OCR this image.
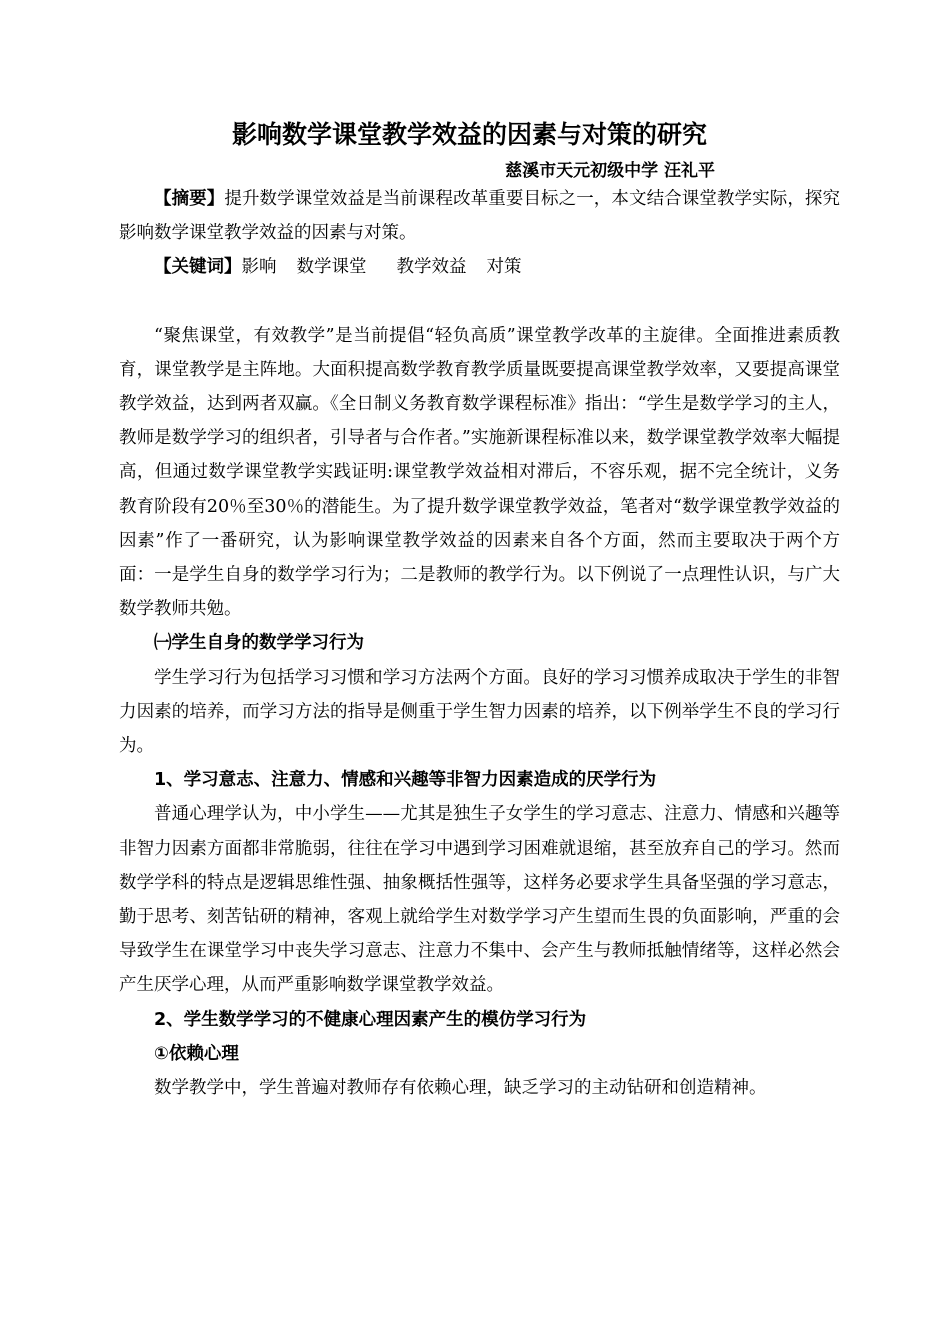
影响数学课堂教学效益的因素与对策的研究
慈溪市天元初级中学 汪礼平

【摘要】提升数学课堂效益是当前课程改革重要目标之一，本文结合课堂教学实际，探究影响数学课堂教学效益的因素与对策。

【关键词】影响 数学课堂 教学效益 对策

“聚焦课堂，有效教学”是当前提倡“轻负高质”课堂教学改革的主旋律。全面推进素质教育，课堂教学是主阵地。大面积提高数学教育教学质量既要提高课堂教学效率，又要提高课堂教学效益，达到两者双赢。《全日制义务教育数学课程标准》指出：“学生是数学学习的主人，教师是数学学习的组织者，引导者与合作者。”实施新课程标准以来，数学课堂教学效率大幅提高，但通过数学课堂教学实践证明:课堂教学效益相对滞后，不容乐观，据不完全统计，义务教育阶段有20％至30％的潜能生。为了提升数学课堂教学效益，笔者对“数学课堂教学效益的因素”作了一番研究，认为影响课堂教学效益的因素来自各个方面，然而主要取决于两个方面：一是学生自身的数学学习行为；二是教师的教学行为。以下例说了一点理性认识，与广大数学教师共勉。

㈠学生自身的数学学习行为

学生学习行为包括学习习惯和学习方法两个方面。良好的学习习惯养成取决于学生的非智力因素的培养，而学习方法的指导是侧重于学生智力因素的培养，以下例举学生不良的学习行为。

1、学习意志、注意力、情感和兴趣等非智力因素造成的厌学行为

普通心理学认为，中小学生——尤其是独生子女学生的学习意志、注意力、情感和兴趣等非智力因素方面都非常脆弱，往往在学习中遇到学习困难就退缩，甚至放弃自己的学习。然而数学学科的特点是逻辑思维性强、抽象概括性强等，这样务必要求学生具备坚强的学习意志，勤于思考、刻苦钻研的精神，客观上就给学生对数学学习产生望而生畏的负面影响，严重的会导致学生在课堂学习中丧失学习意志、注意力不集中、会产生与教师抵触情绪等，这样必然会产生厌学心理，从而严重影响数学课堂教学效益。

2、学生数学学习的不健康心理因素产生的模仿学习行为

①依赖心理

数学教学中，学生普遍对教师存有依赖心理，缺乏学习的主动钻研和创造精神。
